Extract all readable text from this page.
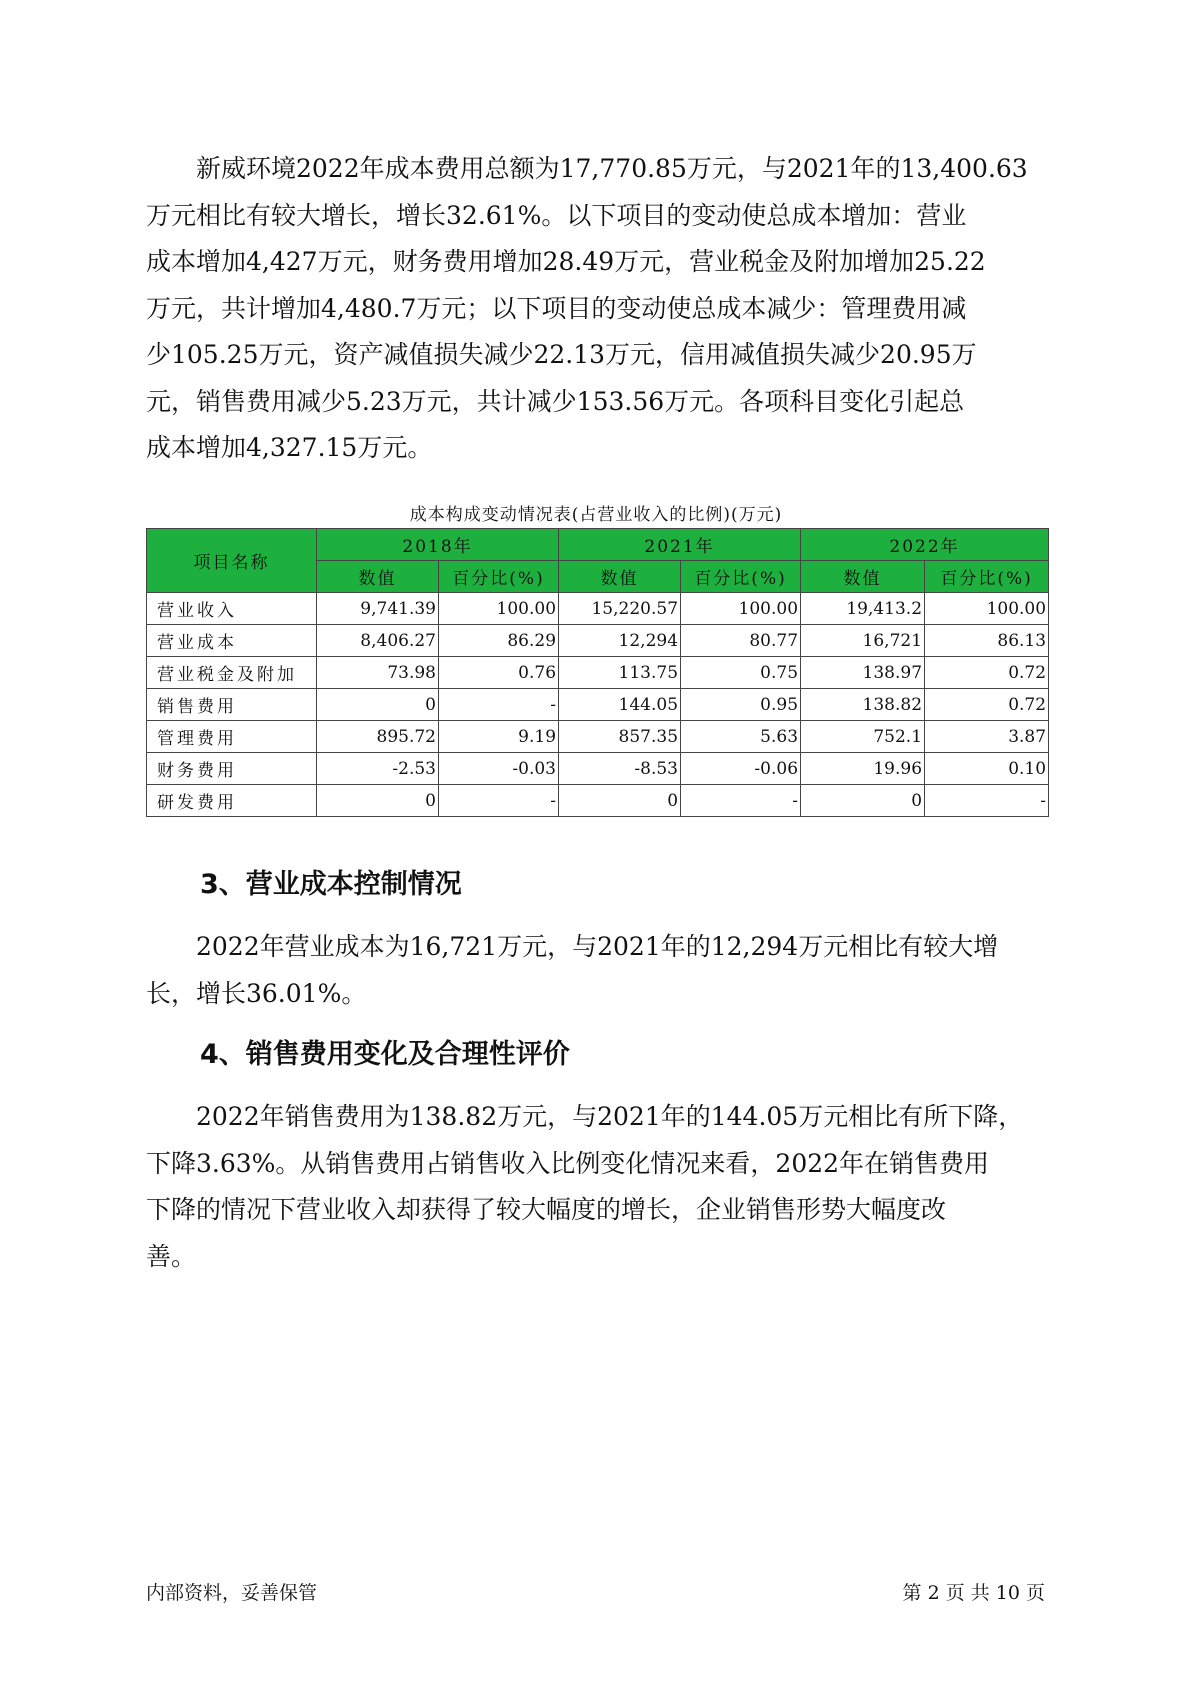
新威环境2022年成本费用总额为17,770.85万元，与2021年的13,400.63
万元相比有较大增长，增长32.61%。以下项目的变动使总成本增加：营业
成本增加4,427万元，财务费用增加28.49万元，营业税金及附加增加25.22
万元，共计增加4,480.7万元；以下项目的变动使总成本减少：管理费用减
少105.25万元，资产减值损失减少22.13万元，信用减值损失减少20.95万
元，销售费用减少5.23万元，共计减少153.56万元。各项科目变化引起总
成本增加4,327.15万元。
成本构成变动情况表(占营业收入的比例)(万元)
项目名称	2018年		2021年		2022年	
	数值	百分比(%)	数值	百分比(%)	数值	百分比(%)
营业收入	9,741.39	100.00	15,220.57	100.00	19,413.2	100.00
营业成本	8,406.27	86.29	12,294	80.77	16,721	86.13
营业税金及附加	73.98	0.76	113.75	0.75	138.97	0.72
销售费用	0	-	144.05	0.95	138.82	0.72
管理费用	895.72	9.19	857.35	5.63	752.1	3.87
财务费用	-2.53	-0.03	-8.53	-0.06	19.96	0.10
研发费用	0	-	0	-	0	-
3、营业成本控制情况
2022年营业成本为16,721万元，与2021年的12,294万元相比有较大增
长，增长36.01%。
4、销售费用变化及合理性评价
2022年销售费用为138.82万元，与2021年的144.05万元相比有所下降，
下降3.63%。从销售费用占销售收入比例变化情况来看，2022年在销售费用
下降的情况下营业收入却获得了较大幅度的增长，企业销售形势大幅度改
善。
内部资料，妥善保管	第 2 页 共 10 页
